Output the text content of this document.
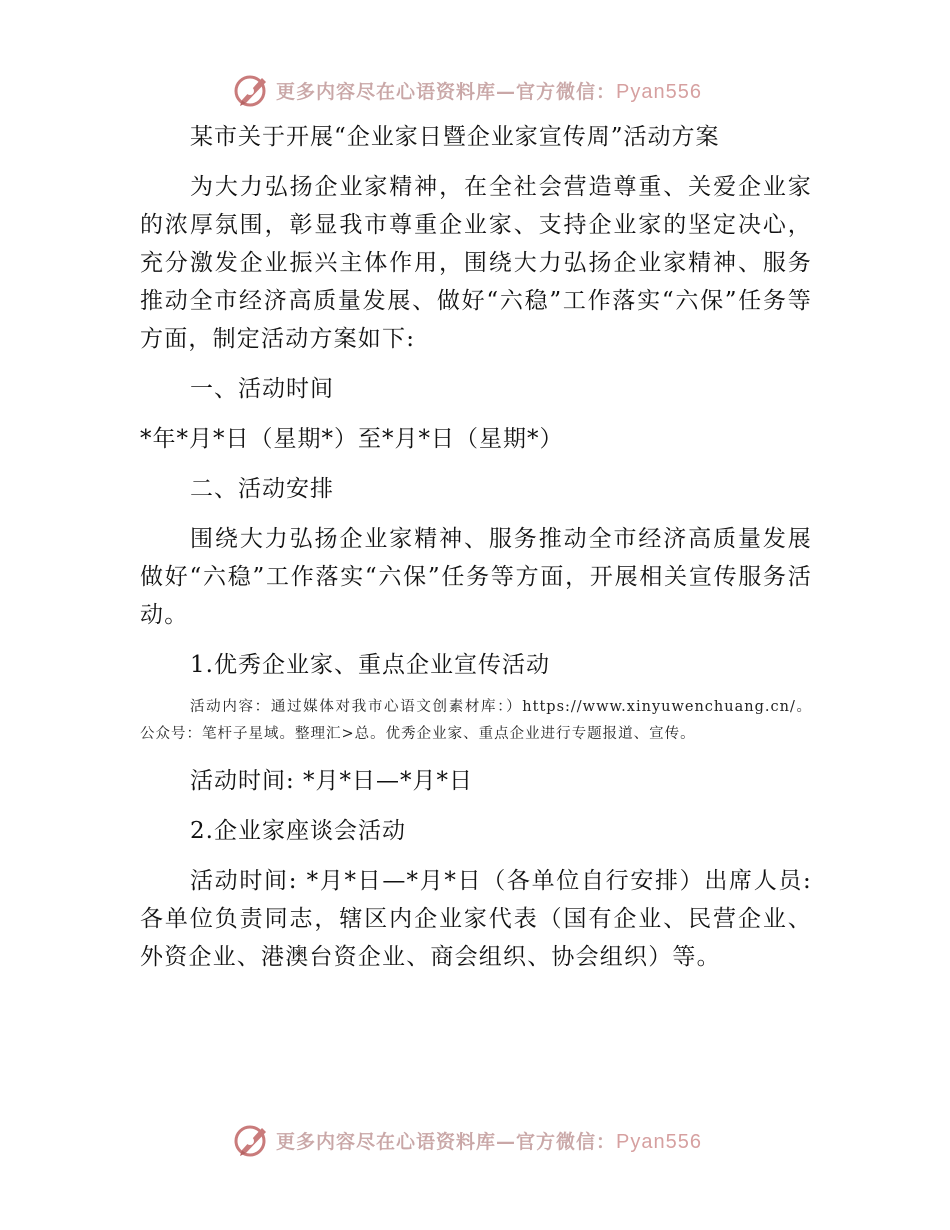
更多内容尽在心语资料库—官方微信：Pyan556
某市关于开展“企业家日暨企业家宣传周”活动方案

为大力弘扬企业家精神，在全社会营造尊重、关爱企业家的浓厚氛围，彰显我市尊重企业家、支持企业家的坚定决心，充分激发企业振兴主体作用，围绕大力弘扬企业家精神、服务推动全市经济高质量发展、做好“六稳”工作落实“六保”任务等方面，制定活动方案如下:

一、活动时间
*年*月*日（星期*）至*月*日（星期*）
二、活动安排

围绕大力弘扬企业家精神、服务推动全市经济高质量发展做好“六稳”工作落实“六保”任务等方面，开展相关宣传服务活动。

1.优秀企业家、重点企业宣传活动

活动内容：通过媒体对我市心语文创素材库：）https://www.xinyuwenchuang.cn/。公众号：笔杆子星域。整理汇>总。优秀企业家、重点企业进行专题报道、宣传。

活动时间: *月*日—*月*日
2.企业家座谈会活动

活动时间: *月*日—*月*日（各单位自行安排）出席人员:各单位负责同志，辖区内企业家代表（国有企业、民营企业、外资企业、港澳台资企业、商会组织、协会组织）等。

更多内容尽在心语资料库—官方微信：Pyan556
